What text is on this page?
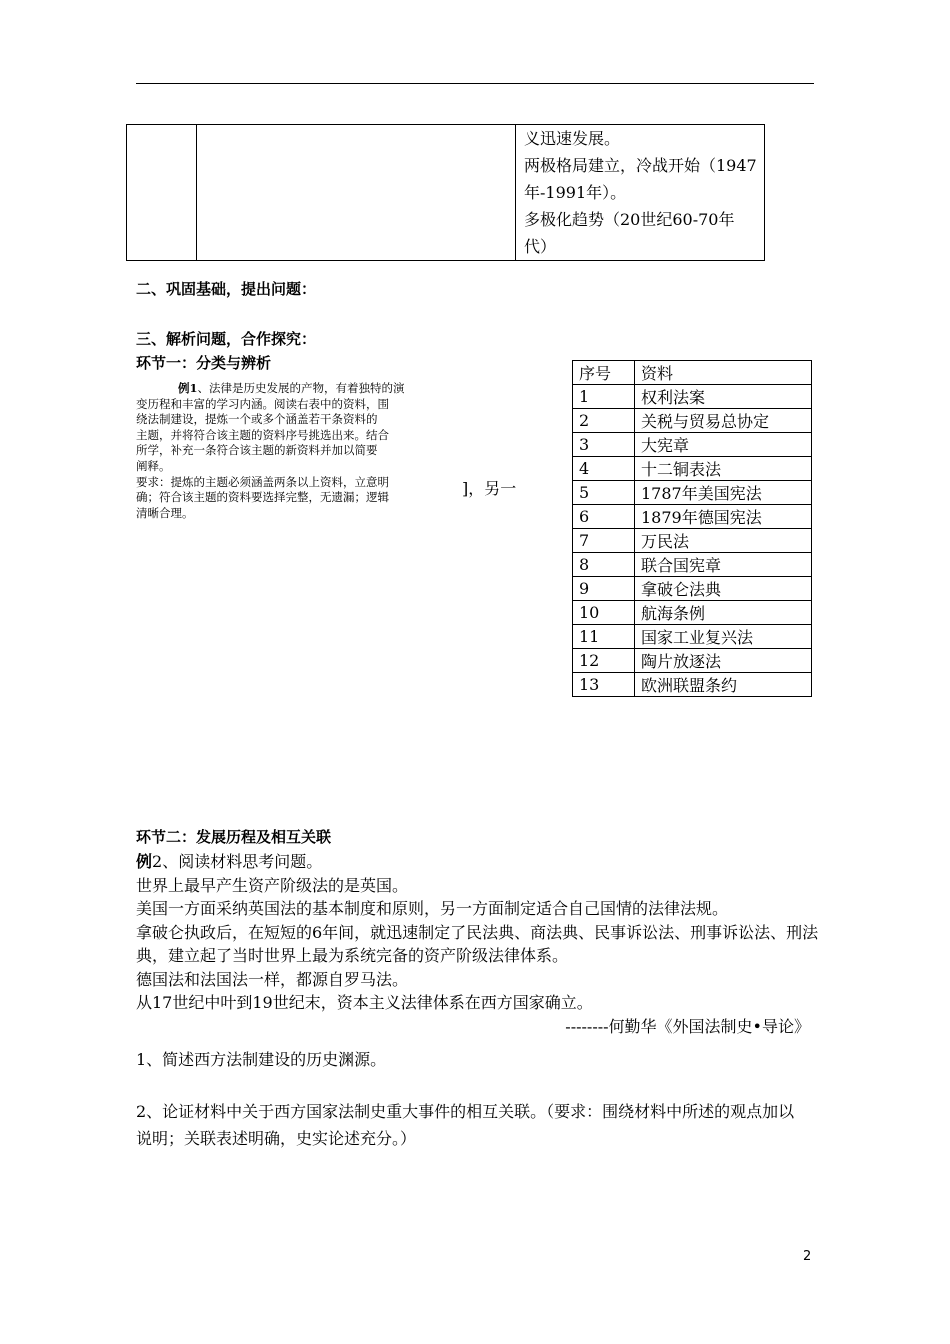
义迅速发展。
两极格局建立，冷战开始（1947
年-1991年）。
多极化趋势（20世纪60-70年
代）
二、巩固基础，提出问题：
三、解析问题，合作探究：
环节一：分类与辨析
例1、法律是历史发展的产物，有着独特的演
变历程和丰富的学习内涵。阅读右表中的资料，围
绕法制建设，提炼一个或多个涵盖若干条资料的
主题，并将符合该主题的资料序号挑选出来。结合
所学，补充一条符合该主题的新资料并加以简要
阐释。
要求：提炼的主题必须涵盖两条以上资料，立意明
确；符合该主题的资料要选择完整，无遗漏；逻辑
清晰合理。
]，另一
序号	资料
1	权利法案
2	关税与贸易总协定
3	大宪章
4	十二铜表法
5	1787年美国宪法
6	1879年德国宪法
7	万民法
8	联合国宪章
9	拿破仑法典
10	航海条例
11	国家工业复兴法
12	陶片放逐法
13	欧洲联盟条约
环节二：发展历程及相互关联
例2、阅读材料思考问题。
世界上最早产生资产阶级法的是英国。
美国一方面采纳英国法的基本制度和原则，另一方面制定适合自己国情的法律法规。
拿破仑执政后，在短短的6年间，就迅速制定了民法典、商法典、民事诉讼法、刑事诉讼法、刑法
典，建立起了当时世界上最为系统完备的资产阶级法律体系。
德国法和法国法一样，都源自罗马法。
从17世纪中叶到19世纪末，资本主义法律体系在西方国家确立。
--------何勤华《外国法制史•导论》
1、简述西方法制建设的历史渊源。
2、论证材料中关于西方国家法制史重大事件的相互关联。（要求：围绕材料中所述的观点加以
说明；关联表述明确，史实论述充分。）
2
